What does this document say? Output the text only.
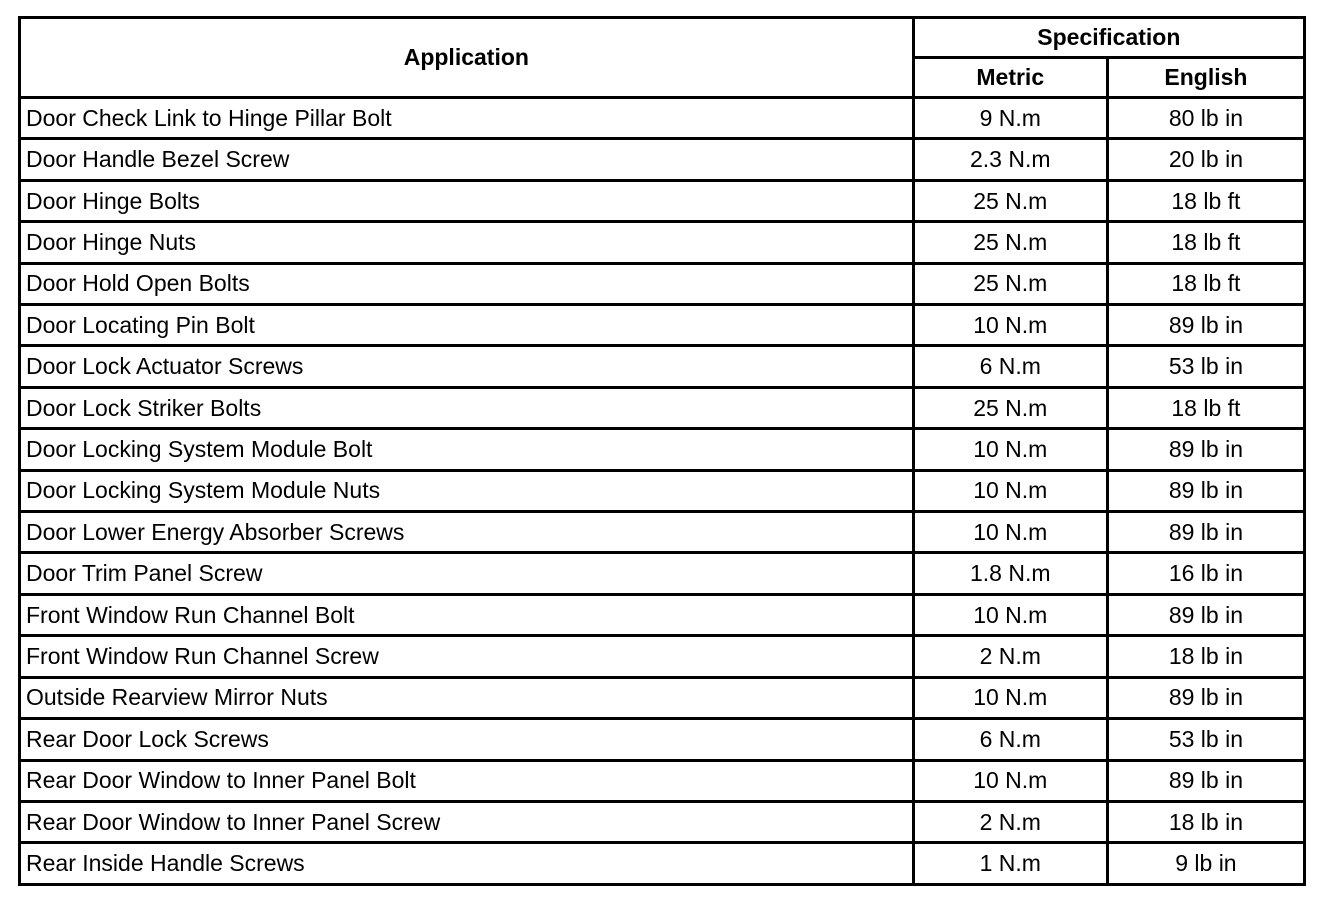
Application	Specification	
	Metric	English
Door Check Link to Hinge Pillar Bolt	9 N.m	80 lb in
Door Handle Bezel Screw	2.3 N.m	20 lb in
Door Hinge Bolts	25 N.m	18 lb ft
Door Hinge Nuts	25 N.m	18 lb ft
Door Hold Open Bolts	25 N.m	18 lb ft
Door Locating Pin Bolt	10 N.m	89 lb in
Door Lock Actuator Screws	6 N.m	53 lb in
Door Lock Striker Bolts	25 N.m	18 lb ft
Door Locking System Module Bolt	10 N.m	89 lb in
Door Locking System Module Nuts	10 N.m	89 lb in
Door Lower Energy Absorber Screws	10 N.m	89 lb in
Door Trim Panel Screw	1.8 N.m	16 lb in
Front Window Run Channel Bolt	10 N.m	89 lb in
Front Window Run Channel Screw	2 N.m	18 lb in
Outside Rearview Mirror Nuts	10 N.m	89 lb in
Rear Door Lock Screws	6 N.m	53 lb in
Rear Door Window to Inner Panel Bolt	10 N.m	89 lb in
Rear Door Window to Inner Panel Screw	2 N.m	18 lb in
Rear Inside Handle Screws	1 N.m	9 lb in
